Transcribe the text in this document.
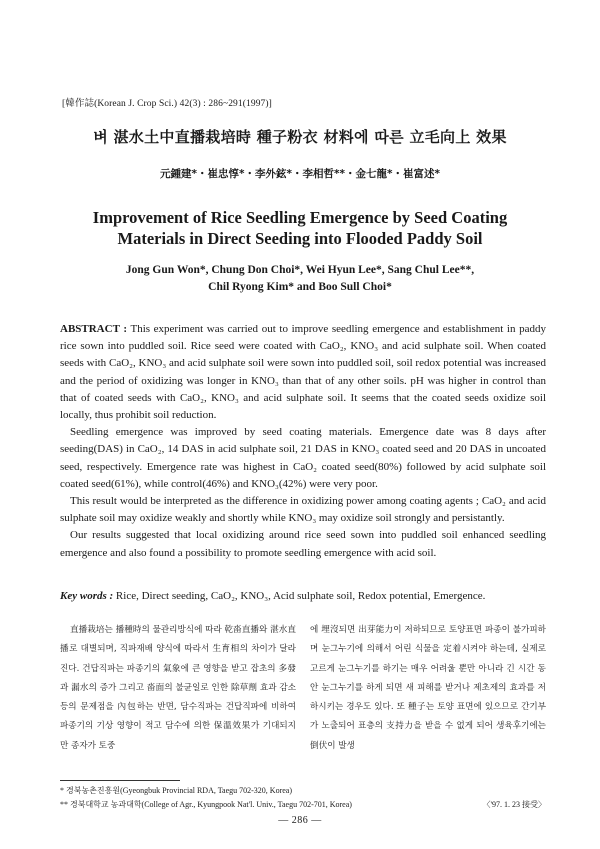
[韓作誌(Korean J. Crop Sci.) 42(3) : 286~291(1997)]
벼 湛水土中直播栽培時 種子粉衣 材料에 따른 立毛向上 效果
元鍾建*・崔忠惇*・李外鉉*・李相哲**・金七龍*・崔富述*
Improvement of Rice Seedling Emergence by Seed Coating
Materials in Direct Seeding into Flooded Paddy Soil
Jong Gun Won*, Chung Don Choi*, Wei Hyun Lee*, Sang Chul Lee**,
Chil Ryong Kim* and Boo Sull Choi*

ABSTRACT : This experiment was carried out to improve seedling emergence and establishment in paddy rice sown into puddled soil. Rice seed were coated with CaO₂, KNO₃ and acid sulphate soil. When coated seeds with CaO₂, KNO₃ and acid sulphate soil were sown into puddled soil, soil redox potential was increased and the period of oxidizing was longer in KNO₃ than that of any other soils. pH was higher in control than that of coated seeds with CaO₂, KNO₃ and acid sulphate soil. It seems that the coated seeds oxidize soil locally, thus prohibit soil reduction.

Seedling emergence was improved by seed coating materials. Emergence date was 8 days after seeding(DAS) in CaO₂, 14 DAS in acid sulphate soil, 21 DAS in KNO₃ coated seed and 20 DAS in uncoated seed, respectively. Emergence rate was highest in CaO₂ coated seed(80%) followed by acid sulphate soil coated seed(61%), while control(46%) and KNO₃(42%) were very poor.

This result would be interpreted as the difference in oxidizing power among coating agents ; CaO₂ and acid sulphate soil may oxidize weakly and shortly while KNO₃ may oxidize soil strongly and persistantly.

Our results suggested that local oxidizing around rice seed sown into puddled soil enhanced seedling emergence and also found a possibility to promote seedling emergence with acid soil.

Key words : Rice, Direct seeding, CaO₂, KNO₃, Acid sulphate soil, Redox potential, Emergence.

直播栽培는 播種時의 물관리방식에 따라 乾畓直播와 湛水直播로 대별되며, 직파재배 양식에 따라서 生育相의 차이가 달라진다. 건답직파는 파종기의 氣象에 큰 영향을 받고 잡초의 多發과 漏水의 증가 그리고 畓面의 불균일로 인한 除草劑 효과 감소 등의 문제점을 內包하는 반면, 담수직파는 건답직파에 비하여 파종기의 기상 영향이 적고 담수에 의한 保溫效果가 기대되지만 종자가 토중

에 埋沒되면 出芽能力이 저하되므로 토양표면 파종이 불가피하며 눈그누기에 의해서 어린 식물을 定着시켜야 하는데, 실제로 고르게 눈그누기를 하기는 매우 어려울 뿐만 아니라 긴 시간 동안 눈그누기를 하게 되면 새 피해를 받거나 제초제의 효과를 저하시키는 경우도 있다. 또 種子는 토양 표면에 있으므로 간기부가 노출되어 표층의 支持力을 받을 수 없게 되어 생육후기에는 倒伏이 발생

* 경북농촌진흥원(Gyeongbuk Provincial RDA, Taegu 702-320, Korea)
** 경북대학교 농과대학(College of Agr., Kyungpook Nat'l. Univ., Taegu 702-701, Korea)	〈'97. 1. 23 接受〉
— 286 —
